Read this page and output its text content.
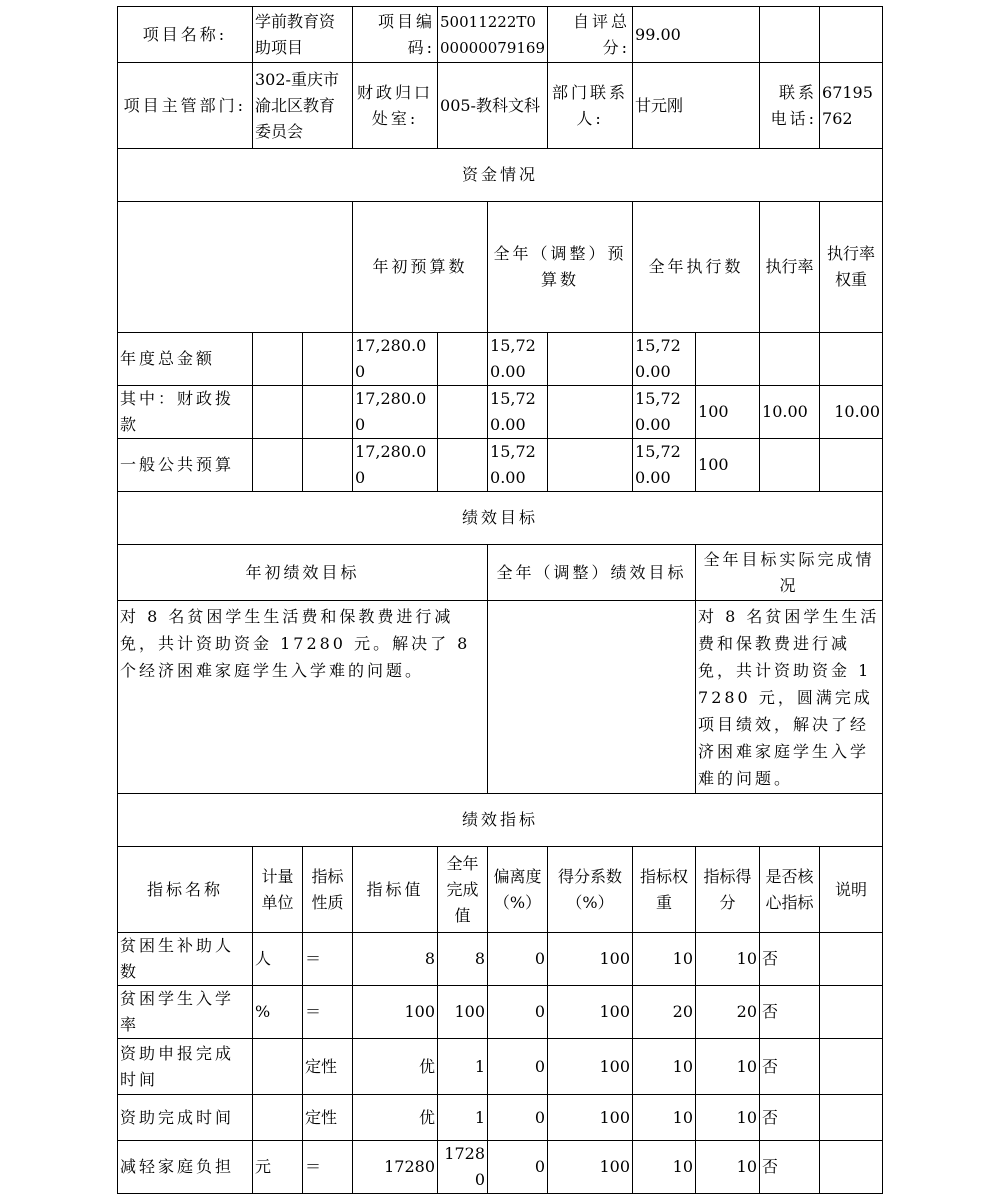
项目名称:	学前教育资助项目		项目编码:	50011222T000000079169		自评总分:	99.00				
项目主管部门:	302-重庆市渝北区教育委员会		财政归口处室:	005-教科文科		部门联系人:	甘元刚		联系电话:	67195762	
资金情况											
			年初预算数		全年（调整）预算数		全年执行数		执行率	执行率权重	
年度总金额			17,280.00		15,720.00		15,720.00				
其中：财政拨款			17,280.00		15,720.00		15,720.00	100	10.00	10.00	
一般公共预算			17,280.00		15,720.00		15,720.00	100			
绩效目标											
年初绩效目标					全年（调整）绩效目标			全年目标实际完成情况			
对 8 名贫困学生生活费和保教费进行减免，共计资助资金 17280 元。解决了 8 个经济困难家庭学生入学难的问题。								对 8 名贫困学生生活费和保教费进行减免，共计资助资金 17280 元，圆满完成项目绩效，解决了经济困难家庭学生入学难的问题。			
绩效指标											
指标名称	计量单位	指标性质	指标值	全年完成值	偏离度（%）	得分系数（%）	指标权重	指标得分	是否核心指标	说明	
贫困生补助人数	人	＝	8	8	0	100	10	10	否		
贫困学生入学率	%	＝	100	100	0	100	20	20	否		
资助申报完成时间		定性	优	1	0	100	10	10	否		
资助完成时间		定性	优	1	0	100	10	10	否		
减轻家庭负担	元	＝	17280	17280	0	100	10	10	否		
